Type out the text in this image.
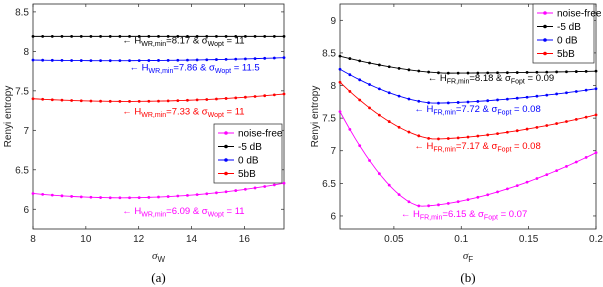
8	10	12	14	16
6
6.5
7
7.5
8
8.5
$\sigma_W$
Renyi entropy
(a)
← $H_{WR,min}=8.17$ & $\sigma_{Wopt} = 11$
← $H_{WR,min}=7.86$ & $\sigma_{Wopt} = 11.5$
← $H_{WR,min}=7.33$ & $\sigma_{Wopt} = 11$
← $H_{WR,min}=6.09$ & $\sigma_{Wopt} = 11$
noise-free
-5 dB
0 dB
5bB
0.05	0.1	0.15	0.2
6
6.5
7
7.5
8
8.5
9
$\sigma_F$
Renyi entropy
(b)
← $H_{FR,min}=8.18$ & $\sigma_{Fopt} = 0.09$
← $H_{FR,min}=7.72$ & $\sigma_{Fopt} = 0.08$
← $H_{FR,min}=7.17$ & $\sigma_{Fopt} = 0.08$
← $H_{FR,min}=6.15$ & $\sigma_{Fopt} = 0.07$
noise-free
-5 dB
0 dB
5bB
